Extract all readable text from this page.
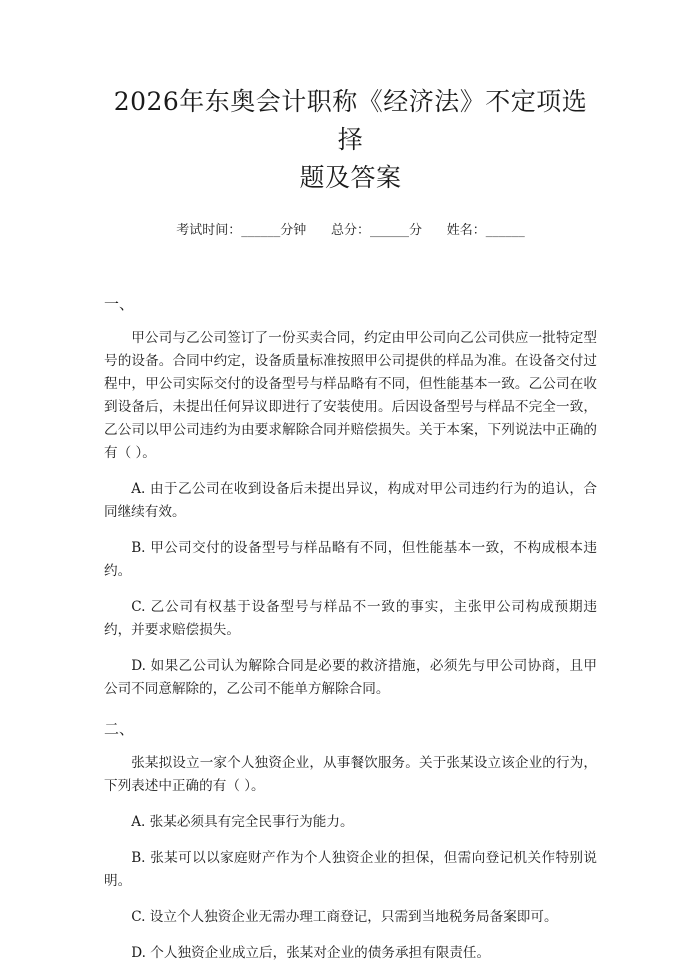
2026年东奥会计职称《经济法》不定项选择
题及答案
考试时间：______分钟      总分：______分      姓名：______
一、

甲公司与乙公司签订了一份买卖合同，约定由甲公司向乙公司供应一批特定型号的设备。合同中约定，设备质量标准按照甲公司提供的样品为准。在设备交付过程中，甲公司实际交付的设备型号与样品略有不同，但性能基本一致。乙公司在收到设备后，未提出任何异议即进行了安装使用。后因设备型号与样品不完全一致，乙公司以甲公司违约为由要求解除合同并赔偿损失。关于本案，下列说法中正确的有（ ）。

A. 由于乙公司在收到设备后未提出异议，构成对甲公司违约行为的追认，合同继续有效。

B. 甲公司交付的设备型号与样品略有不同，但性能基本一致，不构成根本违约。

C. 乙公司有权基于设备型号与样品不一致的事实，主张甲公司构成预期违约，并要求赔偿损失。

D. 如果乙公司认为解除合同是必要的救济措施，必须先与甲公司协商，且甲公司不同意解除的，乙公司不能单方解除合同。

二、

张某拟设立一家个人独资企业，从事餐饮服务。关于张某设立该企业的行为，下列表述中正确的有（ ）。

A. 张某必须具有完全民事行为能力。

B. 张某可以以家庭财产作为个人独资企业的担保，但需向登记机关作特别说明。

C. 设立个人独资企业无需办理工商登记，只需到当地税务局备案即可。

D. 个人独资企业成立后，张某对企业的债务承担有限责任。
